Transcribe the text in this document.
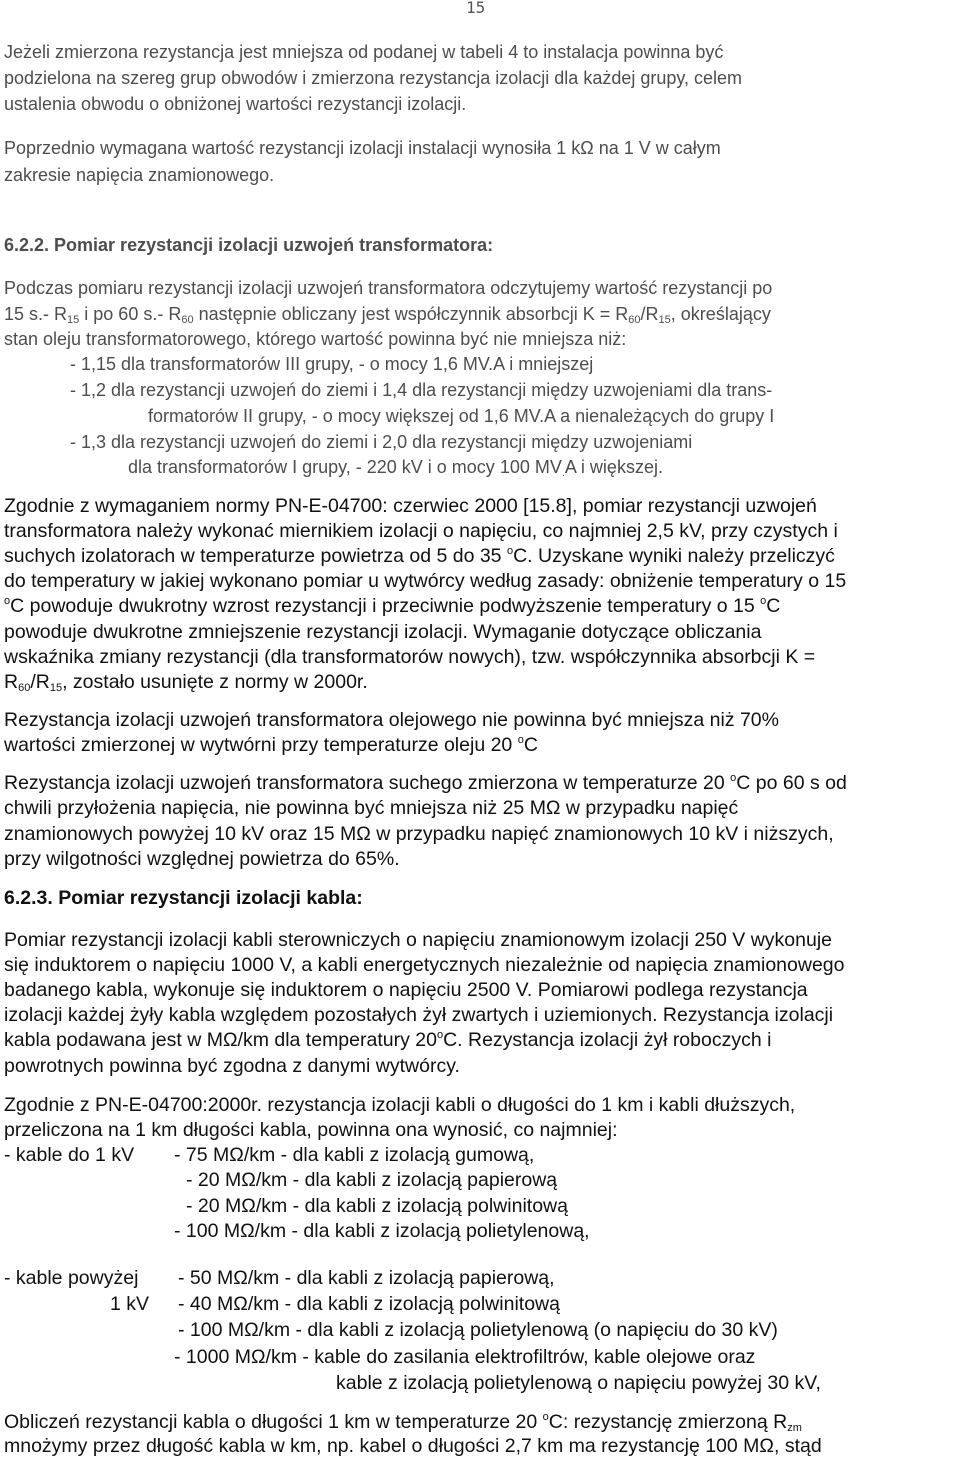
15
Jeżeli zmierzona rezystancja jest mniejsza od podanej w tabeli 4 to instalacja powinna być
podzielona na szereg grup obwodów i zmierzona rezystancja izolacji dla każdej grupy, celem
ustalenia obwodu o obniżonej wartości rezystancji izolacji.
Poprzednio wymagana wartość rezystancji izolacji instalacji wynosiła 1 kΩ na 1 V w całym
zakresie napięcia znamionowego.
6.2.2. Pomiar rezystancji izolacji uzwojeń transformatora:
Podczas pomiaru rezystancji izolacji uzwojeń transformatora odczytujemy wartość rezystancji po
15 s.- $R_{15}$ i po 60 s.- $R_{60}$ następnie obliczany jest współczynnik absorbcji $K = R_{60}/R_{15}$, określający
stan oleju transformatorowego, którego wartość powinna być nie mniejsza niż:
- 1,15 dla transformatorów III grupy, - o mocy 1,6 MV.A i mniejszej
- 1,2 dla rezystancji uzwojeń do ziemi i 1,4 dla rezystancji między uzwojeniami dla trans-
formatorów II grupy, - o mocy większej od 1,6 MV.A a nienależących do grupy I
- 1,3 dla rezystancji uzwojeń do ziemi i 2,0 dla rezystancji między uzwojeniami
dla transformatorów I grupy, - 220 kV i o mocy 100 $MV_.A$ i większej.
Zgodnie z wymaganiem normy PN-E-04700: czerwiec 2000 [15.8], pomiar rezystancji uzwojeń
transformatora należy wykonać miernikiem izolacji o napięciu, co najmniej 2,5 kV, przy czystych i
suchych izolatorach w temperaturze powietrza od 5 do 35 $^o$C. Uzyskane wyniki należy przeliczyć
do temperatury w jakiej wykonano pomiar u wytwórcy według zasady: obniżenie temperatury o 15
$^o$C powoduje dwukrotny wzrost rezystancji i przeciwnie podwyższenie temperatury o 15 $^o$C
powoduje dwukrotne zmniejszenie rezystancji izolacji. Wymaganie dotyczące obliczania
wskaźnika zmiany rezystancji (dla transformatorów nowych), tzw. współczynnika absorbcji K =
$R_{60}/R_{15}$, zostało usunięte z normy w 2000r.
Rezystancja izolacji uzwojeń transformatora olejowego nie powinna być mniejsza niż 70%
wartości zmierzonej w wytwórni przy temperaturze oleju 20 $^o$C
Rezystancja izolacji uzwojeń transformatora suchego zmierzona w temperaturze 20 $^o$C po 60 s od
chwili przyłożenia napięcia, nie powinna być mniejsza niż 25 MΩ w przypadku napięć
znamionowych powyżej 10 kV oraz 15 MΩ w przypadku napięć znamionowych 10 kV i niższych,
przy wilgotności względnej powietrza do 65%.
6.2.3. Pomiar rezystancji izolacji kabla:
Pomiar rezystancji izolacji kabli sterowniczych o napięciu znamionowym izolacji 250 V wykonuje
się induktorem o napięciu 1000 V, a kabli energetycznych niezależnie od napięcia znamionowego
badanego kabla, wykonuje się induktorem o napięciu 2500 V. Pomiarowi podlega rezystancja
izolacji każdej żyły kabla względem pozostałych żył zwartych i uziemionych. Rezystancja izolacji
kabla podawana jest w MΩ/km dla temperatury 20$^o$C. Rezystancja izolacji żył roboczych i
powrotnych powinna być zgodna z danymi wytwórcy.
Zgodnie z PN-E-04700:2000r. rezystancja izolacji kabli o długości do 1 km i kabli dłuższych,
przeliczona na 1 km długości kabla, powinna ona wynosić, co najmniej:
- kable do 1 kV - 75 MΩ/km - dla kabli z izolacją gumową,
- 20 MΩ/km - dla kabli z izolacją papierową
- 20 MΩ/km - dla kabli z izolacją polwinitową
- 100 MΩ/km - dla kabli z izolacją polietylenową,
- kable powyżej
1 kV
- 50 MΩ/km - dla kabli z izolacją papierową,
- 40 MΩ/km - dla kabli z izolacją polwinitową
- 100 MΩ/km - dla kabli z izolacją polietylenową (o napięciu do 30 kV)
- 1000 MΩ/km - kable do zasilania elektrofiltrów, kable olejowe oraz
kable z izolacją polietylenową o napięciu powyżej 30 kV,
Obliczeń rezystancji kabla o długości 1 km w temperaturze 20 $^o$C: rezystancję zmierzoną $R_{zm}$
mnożymy przez długość kabla w km, np. kabel o długości 2,7 km ma rezystancję 100 MΩ, stąd
